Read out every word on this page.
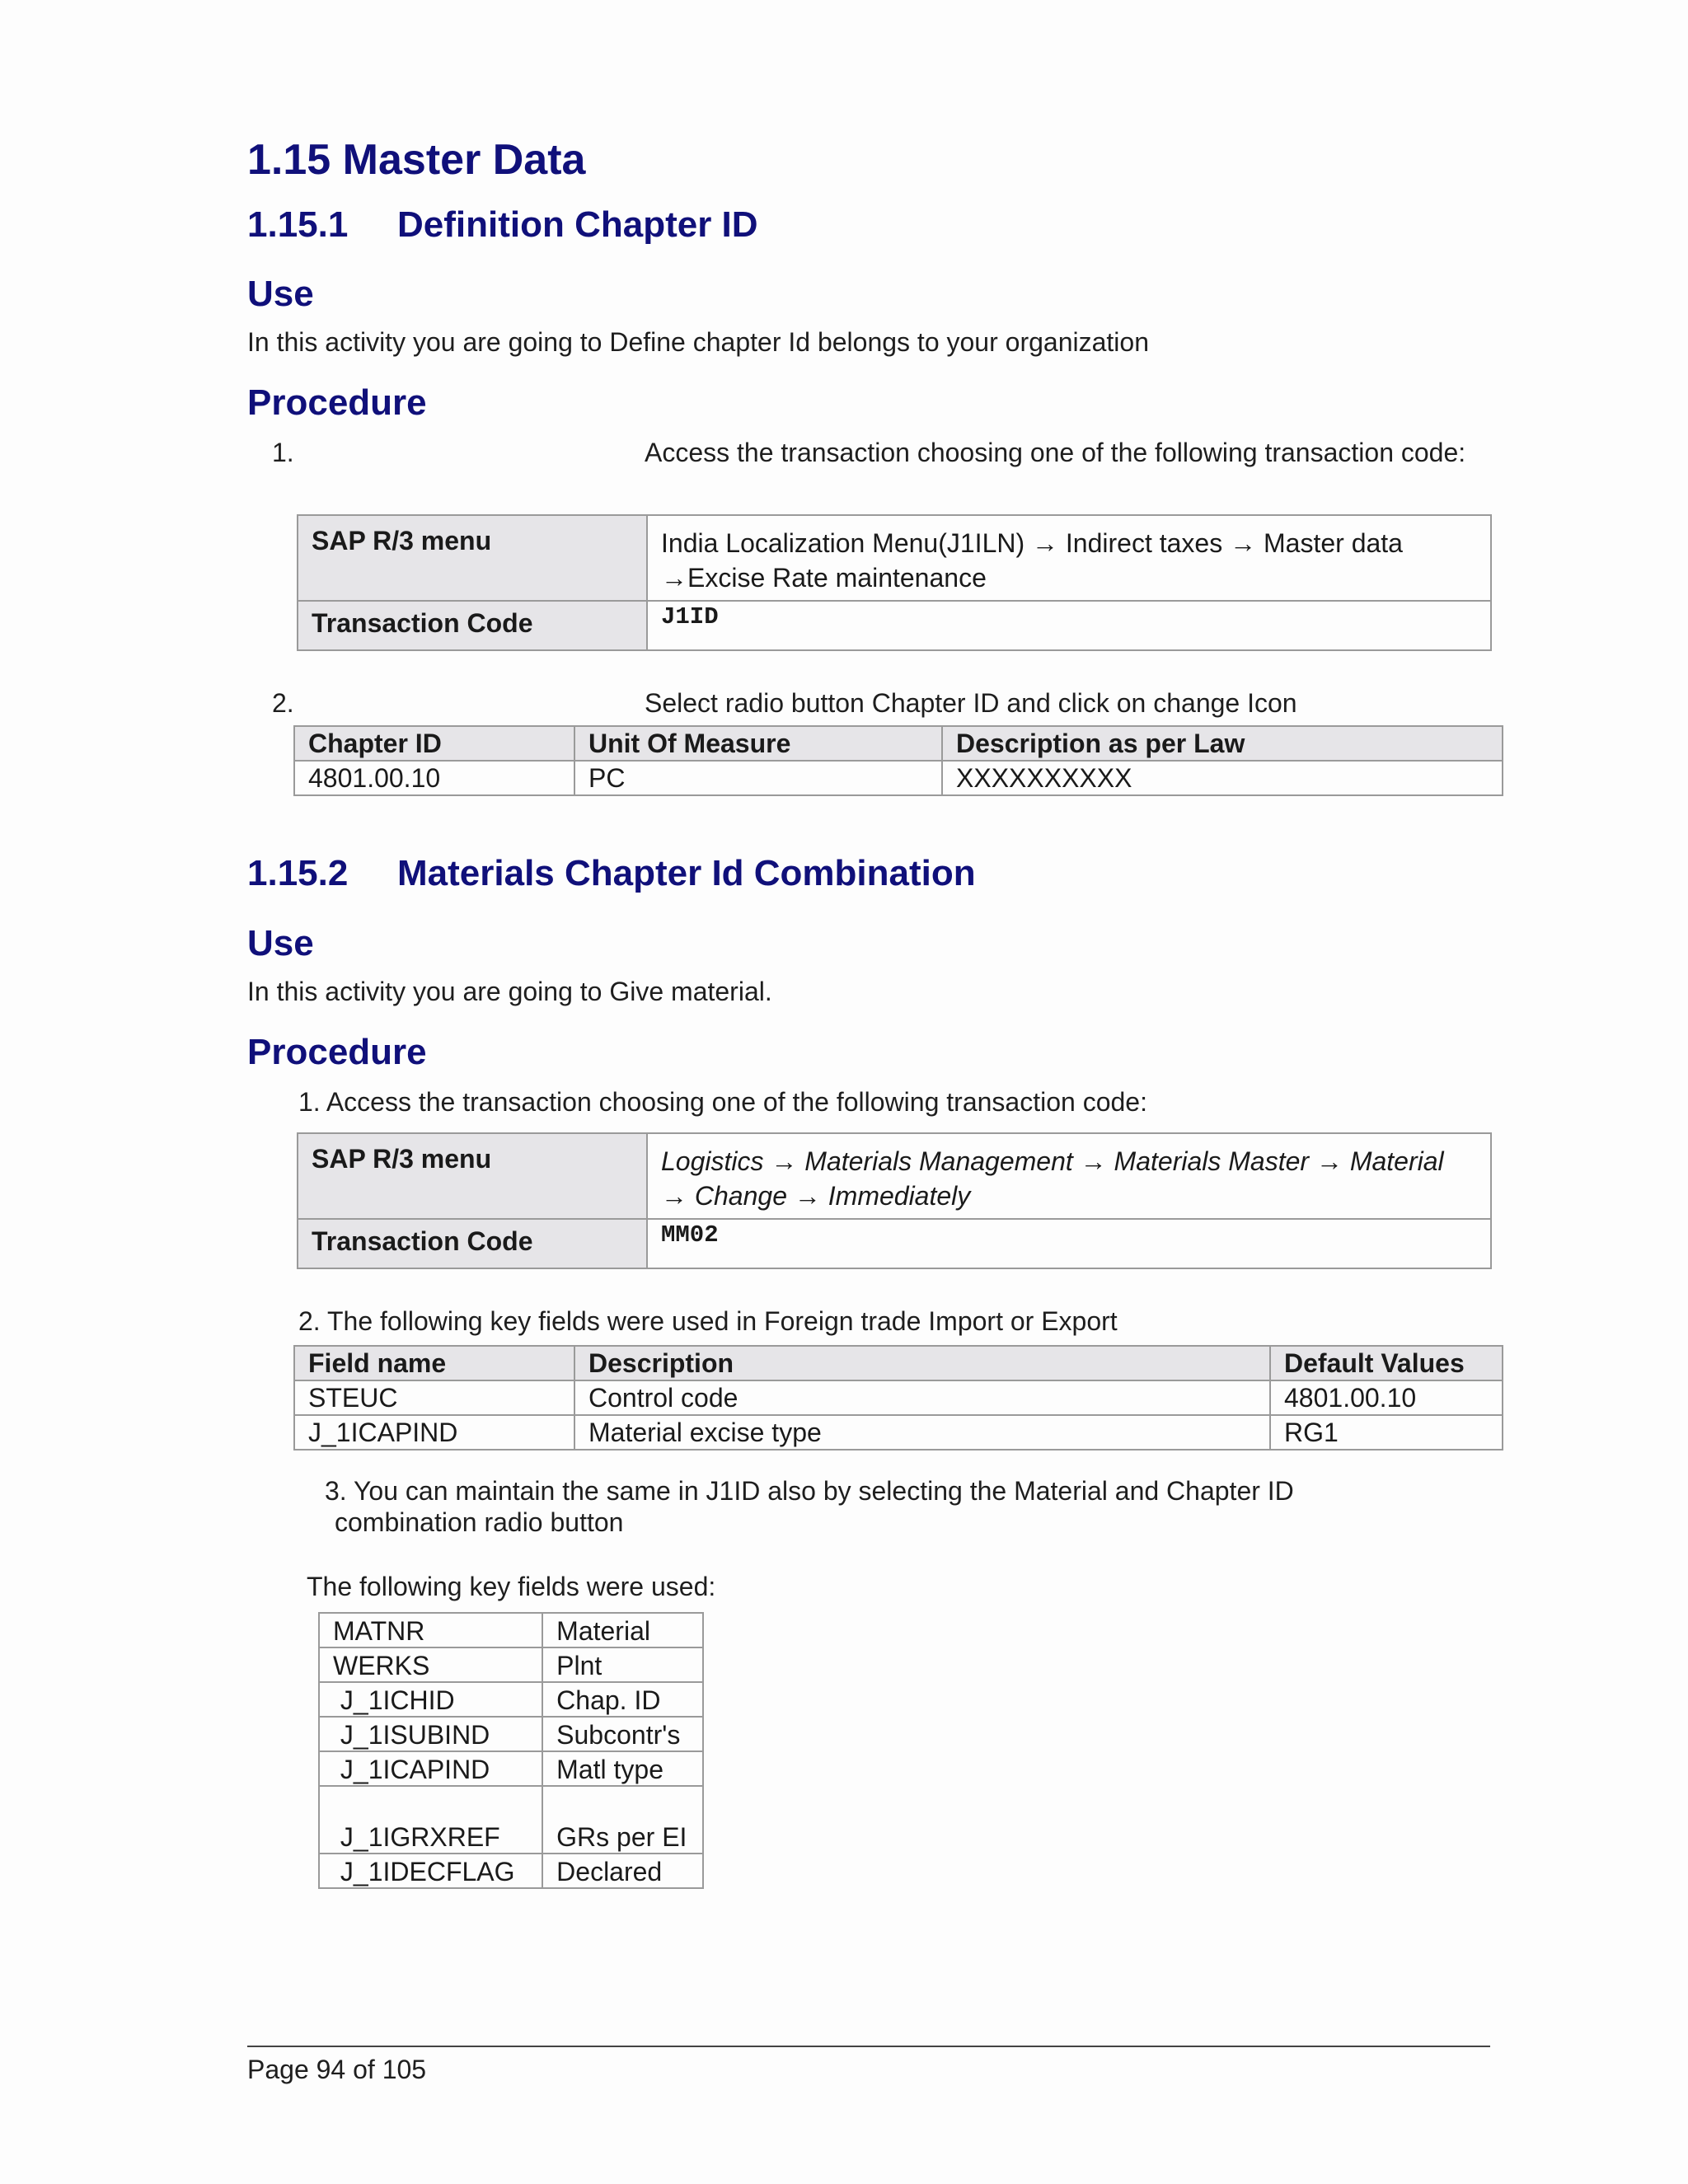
1.15 Master Data
1.15.1 Definition Chapter ID
Use
In this activity you are going to Define chapter Id belongs to your organization
Procedure
1.	Access the transaction choosing one of the following transaction code:
SAP R/3 menu	India Localization Menu(J1ILN) → Indirect taxes → Master data →Excise Rate maintenance
Transaction Code	J1ID
2.	Select radio button Chapter ID and click on change Icon
Chapter ID	Unit Of Measure	Description as per Law
4801.00.10	PC	XXXXXXXXXX
1.15.2 Materials Chapter Id Combination
Use
In this activity you are going to Give material.
Procedure
1. Access the transaction choosing one of the following transaction code:
SAP R/3 menu	Logistics → Materials Management → Materials Master → Material → Change → Immediately
Transaction Code	MM02
2. The following key fields were used in Foreign trade Import or Export
Field name	Description	Default Values
STEUC	Control code	4801.00.10
J_1ICAPIND	Material excise type	RG1
3. You can maintain the same in J1ID also by selecting the Material and Chapter ID
combination radio button
The following key fields were used:
MATNR	Material
WERKS	Plnt
J_1ICHID	Chap. ID
J_1ISUBIND	Subcontr's
J_1ICAPIND	Matl type
J_1IGRXREF	GRs per EI
J_1IDECFLAG	Declared
Page 94 of 105
